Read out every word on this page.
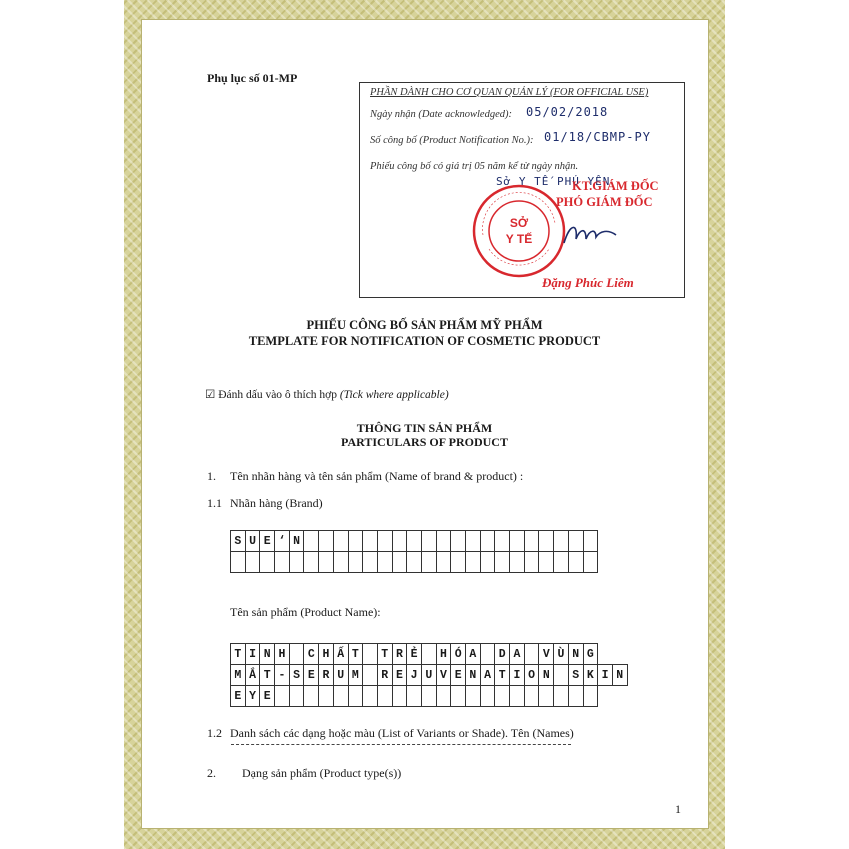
Phụ lục số 01-MP
PHẦN DÀNH CHO CƠ QUAN QUẢN LÝ (FOR OFFICIAL USE)
Ngày nhận (Date acknowledged): 05/02/2018
Số công bố (Product Notification No.): 01/18/CBMP-PY
Phiếu công bố có giá trị 05 năm kể từ ngày nhận.
Sở Y TẾ PHÚ YÊN
KT.GIÁM ĐỐC
PHÓ GIÁM ĐỐC
SỞ
Y TẾ
Đặng Phúc Liêm
PHIẾU CÔNG BỐ SẢN PHẨM MỸ PHẨM
TEMPLATE FOR NOTIFICATION OF COSMETIC PRODUCT
☑ Đánh dấu vào ô thích hợp (Tick where applicable)
THÔNG TIN SẢN PHẨM
PARTICULARS OF PRODUCT
1. Tên nhãn hàng và tên sản phẩm (Name of brand & product) :
1.1 Nhãn hàng (Brand)
S	U	E	‘	N																				

Tên sản phẩm (Product Name):
T	I	N	H		C	H	Ấ	T		T	R	Ẻ		H	Ó	A		D	A		V	Ù	N	G		
M	Ắ	T	-	S	E	R	U	M		R	E	J	U	V	E	N	A	T	I	O	N		S	K	I	N
E	Y	E																								
1.2 Danh sách các dạng hoặc màu (List of Variants or Shade). Tên (Names)
2. Dạng sản phẩm (Product type(s))
1
